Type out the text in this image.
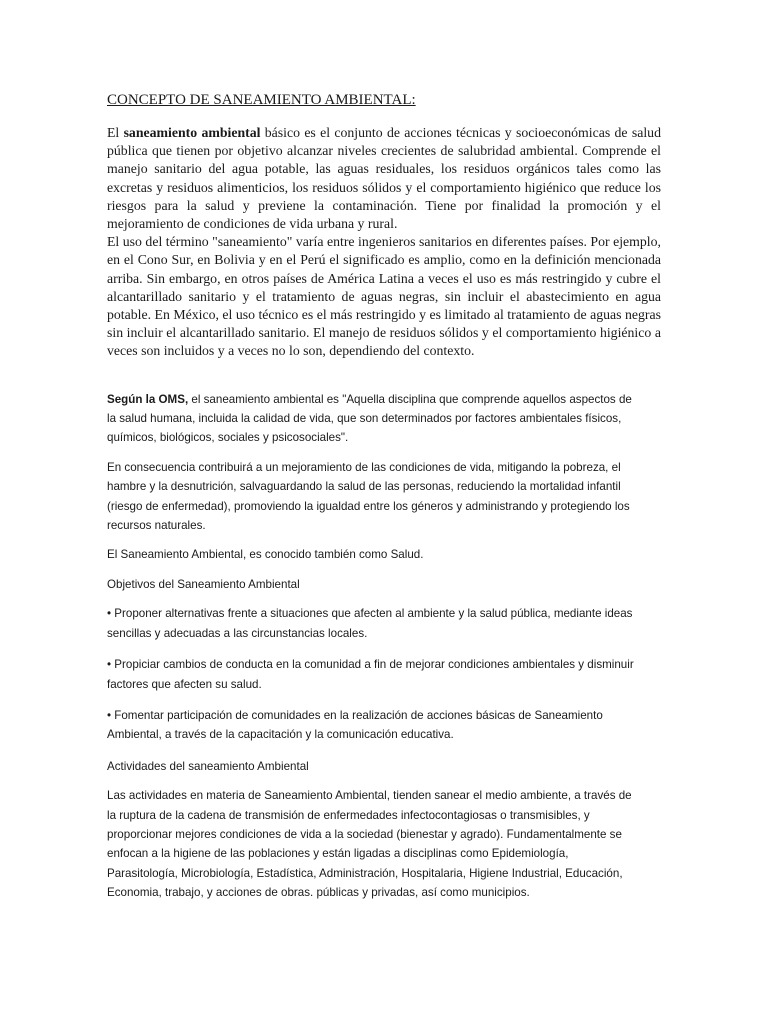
CONCEPTO DE SANEAMIENTO AMBIENTAL:

El saneamiento ambiental básico es el conjunto de acciones técnicas y socioeconómicas de salud pública que tienen por objetivo alcanzar niveles crecientes de salubridad ambiental. Comprende el manejo sanitario del agua potable, las aguas residuales, los residuos orgánicos tales como las excretas y residuos alimenticios, los residuos sólidos y el comportamiento higiénico que reduce los riesgos para la salud y previene la contaminación. Tiene por finalidad la promoción y el mejoramiento de condiciones de vida urbana y rural.

El uso del término "saneamiento" varía entre ingenieros sanitarios en diferentes países. Por ejemplo, en el Cono Sur, en Bolivia y en el Perú el significado es amplio, como en la definición mencionada arriba. Sin embargo, en otros países de América Latina a veces el uso es más restringido y cubre el alcantarillado sanitario y el tratamiento de aguas negras, sin incluir el abastecimiento en agua potable. En México, el uso técnico es el más restringido y es limitado al tratamiento de aguas negras sin incluir el alcantarillado sanitario. El manejo de residuos sólidos y el comportamiento higiénico a veces son incluidos y a veces no lo son, dependiendo del contexto.

Según la OMS, el saneamiento ambiental es "Aquella disciplina que comprende aquellos aspectos de la salud humana, incluida la calidad de vida, que son determinados por factores ambientales físicos, químicos, biológicos, sociales y psicosociales".

En consecuencia contribuirá a un mejoramiento de las condiciones de vida, mitigando la pobreza, el hambre y la desnutrición, salvaguardando la salud de las personas, reduciendo la mortalidad infantil (riesgo de enfermedad), promoviendo la igualdad entre los géneros y administrando y protegiendo los recursos naturales.

El Saneamiento Ambiental, es conocido también como Salud.

Objetivos del Saneamiento Ambiental

• Proponer alternativas frente a situaciones que afecten al ambiente y la salud pública, mediante ideas sencillas y adecuadas a las circunstancias locales.

• Propiciar cambios de conducta en la comunidad a fin de mejorar condiciones ambientales y disminuir factores que afecten su salud.

• Fomentar participación de comunidades en la realización de acciones básicas de Saneamiento Ambiental, a través de la capacitación y la comunicación educativa.

Actividades del saneamiento Ambiental

Las actividades en materia de Saneamiento Ambiental, tienden sanear el medio ambiente, a través de la ruptura de la cadena de transmisión de enfermedades infectocontagiosas o transmisibles, y proporcionar mejores condiciones de vida a la sociedad (bienestar y agrado). Fundamentalmente se enfocan a la higiene de las poblaciones y están ligadas a disciplinas como Epidemiología, Parasitología, Microbiología, Estadística, Administración, Hospitalaria, Higiene Industrial, Educación, Economia, trabajo, y acciones de obras. públicas y privadas, así como municipios.
